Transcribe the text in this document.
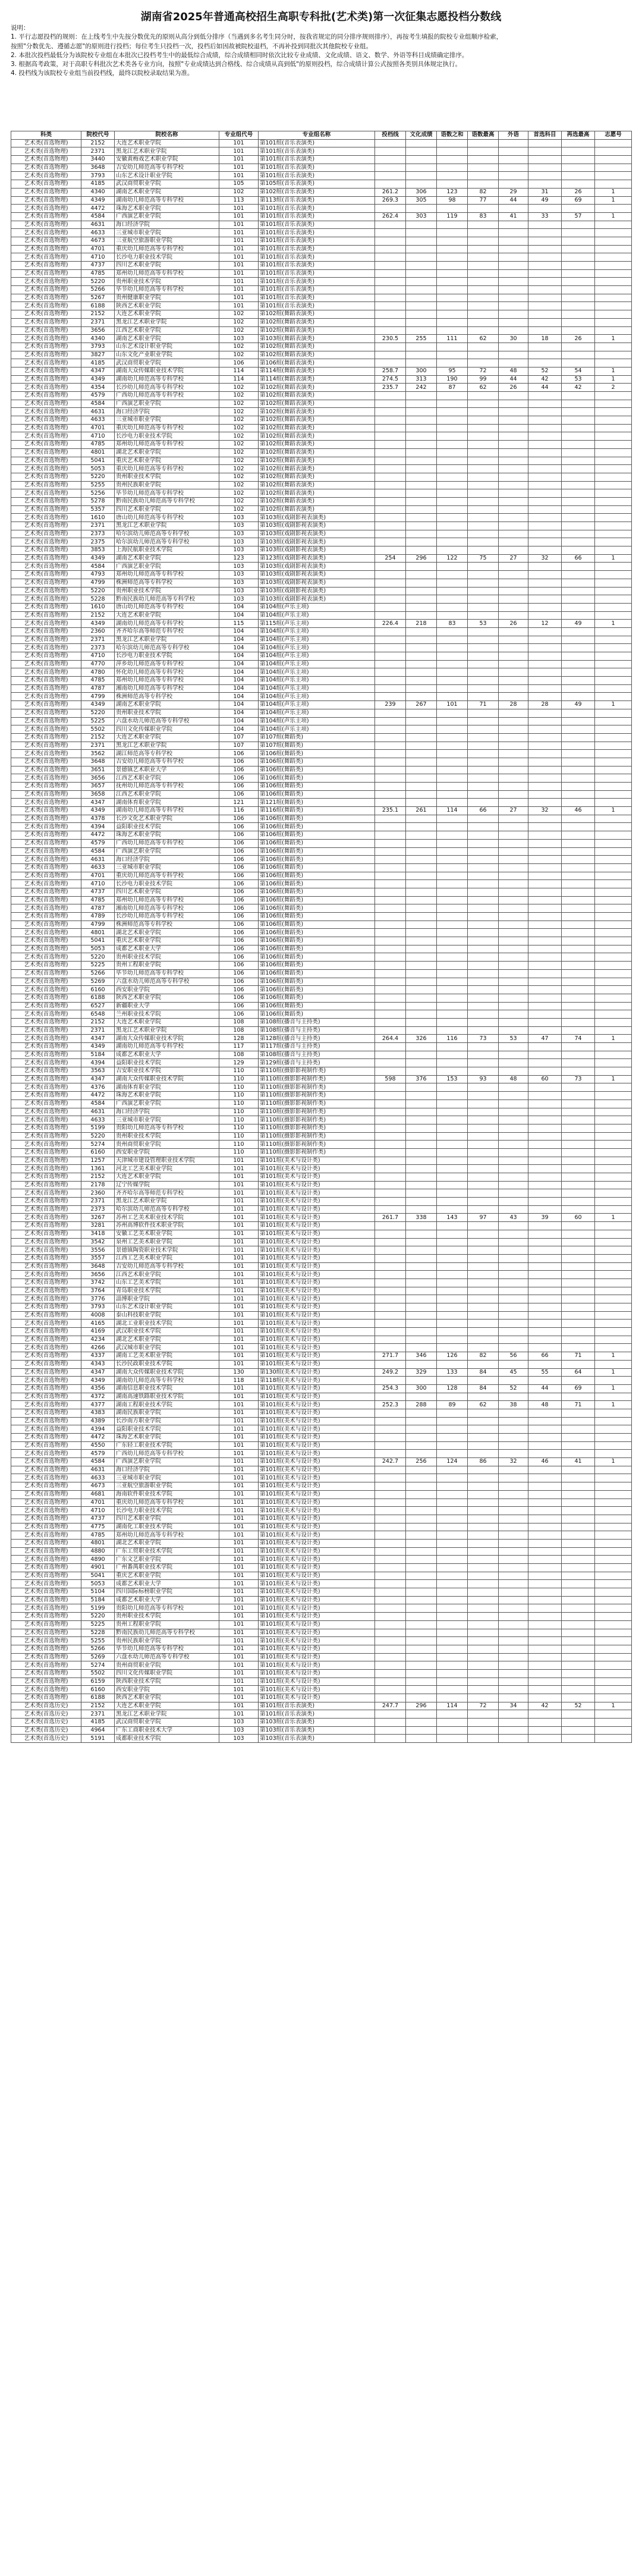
湖南省2025年普通高校招生高职专科批(艺术类)第一次征集志愿投档分数线

说明：

1. 平行志愿投档的规则：在上线考生中先按分数优先的原则从高分到低分排序（当遇到多名考生同分时，按我省规定的同分排序规则排序），再按考生填报的院校专业组顺序检索，

按照"分数优先、遵循志愿"的原则进行投档；每位考生只投档一次，投档后如因故被院校退档，不再补投到同批次其他院校专业组。

2. 本批次投档最低分为该院校专业组在本批次已投档考生中的最低综合成绩，综合成绩相同时依次比较专业成绩、文化成绩、语文、数学、外语等科目成绩确定排序。

3. 根据高考政策，对于高职专科批次艺术类各专业方向，按照"专业成绩达到合格线、综合成绩从高到低"的原则投档，综合成绩计算公式按照各类别具体规定执行。

4. 投档线为该院校专业组当前投档线，最终以院校录取结果为准。

科类	院校代号	院校名称	专业组代号	专业组名称	投档线	文化成绩	语数之和	语数最高	外语	首选科目	再选最高	志愿号
艺术类(首选物理)	2152	大连艺术职业学院	101	第101组(音乐表演类)								
艺术类(首选物理)	2371	黑龙江艺术职业学院	101	第101组(音乐表演类)								
艺术类(首选物理)	3440	安徽黄梅戏艺术职业学院	101	第101组(音乐表演类)								
艺术类(首选物理)	3648	吉安幼儿师范高等专科学校	101	第101组(音乐表演类)								
艺术类(首选物理)	3793	山东艺术设计职业学院	101	第101组(音乐表演类)								
艺术类(首选物理)	4185	武汉商贸职业学院	105	第105组(音乐表演类)								
艺术类(首选物理)	4340	湖南艺术职业学院	102	第102组(音乐表演类)	261.2	306	123	82	29	31	26	1
艺术类(首选物理)	4349	湖南幼儿师范高等专科学校	113	第113组(音乐表演类)	269.3	305	98	77	44	49	69	1
艺术类(首选物理)	4472	珠海艺术职业学院	101	第101组(音乐表演类)								
艺术类(首选物理)	4584	广西演艺职业学院	101	第101组(音乐表演类)	262.4	303	119	83	41	33	57	1
艺术类(首选物理)	4631	海口经济学院	101	第101组(音乐表演类)								
艺术类(首选物理)	4633	三亚城市职业学院	101	第101组(音乐表演类)								
艺术类(首选物理)	4673	三亚航空旅游职业学院	101	第101组(音乐表演类)								
艺术类(首选物理)	4701	重庆幼儿师范高等专科学校	101	第101组(音乐表演类)								
艺术类(首选物理)	4710	长沙电力职业技术学院	101	第101组(音乐表演类)								
艺术类(首选物理)	4737	四川艺术职业学院	101	第101组(音乐表演类)								
艺术类(首选物理)	4785	郑州幼儿师范高等专科学校	101	第101组(音乐表演类)								
艺术类(首选物理)	5220	贵州职业技术学院	101	第101组(音乐表演类)								
艺术类(首选物理)	5266	毕节幼儿师范高等专科学校	101	第101组(音乐表演类)								
艺术类(首选物理)	5267	贵州健康职业学院	101	第101组(音乐表演类)								
艺术类(首选物理)	6188	陕西艺术职业学院	101	第101组(音乐表演类)								
艺术类(首选物理)	2152	大连艺术职业学院	102	第102组(舞蹈表演类)								
艺术类(首选物理)	2371	黑龙江艺术职业学院	102	第102组(舞蹈表演类)								
艺术类(首选物理)	3656	江西艺术职业学院	102	第102组(舞蹈表演类)								
艺术类(首选物理)	4340	湖南艺术职业学院	103	第103组(舞蹈表演类)	230.5	255	111	62	30	18	26	1
艺术类(首选物理)	3793	山东艺术设计职业学院	102	第102组(舞蹈表演类)								
艺术类(首选物理)	3827	山东文化产业职业学院	102	第102组(舞蹈表演类)								
艺术类(首选物理)	4185	武汉商贸职业学院	106	第106组(舞蹈表演类)								
艺术类(首选物理)	4347	湖南大众传媒职业技术学院	114	第114组(舞蹈表演类)	258.7	300	95	72	48	52	54	1
艺术类(首选物理)	4349	湖南幼儿师范高等专科学校	114	第114组(舞蹈表演类)	274.5	313	190	99	44	42	53	1
艺术类(首选物理)	4354	长沙幼儿师范高等专科学校	102	第102组(舞蹈表演类)	235.7	242	87	62	26	44	42	2
艺术类(首选物理)	4579	广西幼儿师范高等专科学校	102	第102组(舞蹈表演类)								
艺术类(首选物理)	4584	广西演艺职业学院	102	第102组(舞蹈表演类)								
艺术类(首选物理)	4631	海口经济学院	102	第102组(舞蹈表演类)								
艺术类(首选物理)	4633	三亚城市职业学院	102	第102组(舞蹈表演类)								
艺术类(首选物理)	4701	重庆幼儿师范高等专科学校	102	第102组(舞蹈表演类)								
艺术类(首选物理)	4710	长沙电力职业技术学院	102	第102组(舞蹈表演类)								
艺术类(首选物理)	4785	郑州幼儿师范高等专科学校	102	第102组(舞蹈表演类)								
艺术类(首选物理)	4801	湖北艺术职业学院	102	第102组(舞蹈表演类)								
艺术类(首选物理)	5041	重庆艺术职业学院	102	第102组(舞蹈表演类)								
艺术类(首选物理)	5053	重庆幼儿师范高等专科学校	102	第102组(舞蹈表演类)								
艺术类(首选物理)	5220	贵州职业技术学院	102	第102组(舞蹈表演类)								
艺术类(首选物理)	5255	贵州民族职业学院	102	第102组(舞蹈表演类)								
艺术类(首选物理)	5256	毕节幼儿师范高等专科学校	102	第102组(舞蹈表演类)								
艺术类(首选物理)	5278	黔南民族幼儿师范高等专科学校	102	第102组(舞蹈表演类)								
艺术类(首选物理)	5357	四川艺术职业学院	102	第102组(舞蹈表演类)								
艺术类(首选物理)	1610	唐山幼儿师范高等专科学校	103	第103组(戏剧影视表演类)								
艺术类(首选物理)	2371	黑龙江艺术职业学院	103	第103组(戏剧影视表演类)								
艺术类(首选物理)	2373	哈尔滨幼儿师范高等专科学校	103	第103组(戏剧影视表演类)								
艺术类(首选物理)	2375	哈尔滨幼儿师范高等专科学校	103	第103组(戏剧影视表演类)								
艺术类(首选物理)	3853	上海民航职业技术学院	103	第103组(戏剧影视表演类)								
艺术类(首选物理)	4349	湖南艺术职业学院	123	第123组(戏剧影视表演类)	254	296	122	75	27	32	66	1
艺术类(首选物理)	4584	广西演艺职业学院	103	第103组(戏剧影视表演类)								
艺术类(首选物理)	4793	郑州幼儿师范高等专科学校	103	第103组(戏剧影视表演类)								
艺术类(首选物理)	4799	株洲师范高等专科学校	103	第103组(戏剧影视表演类)								
艺术类(首选物理)	5220	贵州职业技术学院	103	第103组(戏剧影视表演类)								
艺术类(首选物理)	5228	黔南民族幼儿师范高等专科学校	103	第103组(戏剧影视表演类)								
艺术类(首选物理)	1610	唐山幼儿师范高等专科学校	104	第104组(声乐主项)								
艺术类(首选物理)	2152	大连艺术职业学院	104	第104组(声乐主项)								
艺术类(首选物理)	4349	湖南幼儿师范高等专科学校	115	第115组(声乐主项)	226.4	218	83	53	26	12	49	1
艺术类(首选物理)	2360	齐齐哈尔高等师范专科学校	104	第104组(声乐主项)								
艺术类(首选物理)	2371	黑龙江艺术职业学院	104	第104组(声乐主项)								
艺术类(首选物理)	2373	哈尔滨幼儿师范高等专科学校	104	第104组(声乐主项)								
艺术类(首选物理)	4710	长沙电力职业技术学院	104	第104组(声乐主项)								
艺术类(首选物理)	4770	萍乡幼儿师范高等专科学校	104	第104组(声乐主项)								
艺术类(首选物理)	4780	怀化幼儿师范高等专科学校	104	第104组(声乐主项)								
艺术类(首选物理)	4785	郑州幼儿师范高等专科学校	104	第104组(声乐主项)								
艺术类(首选物理)	4787	湘南幼儿师范高等专科学校	104	第104组(声乐主项)								
艺术类(首选物理)	4799	株洲师范高等专科学校	104	第104组(声乐主项)								
艺术类(首选物理)	4349	湖南艺术职业学院	104	第104组(声乐主项)	239	267	101	71	28	28	49	1
艺术类(首选物理)	5220	贵州职业技术学院	104	第104组(声乐主项)								
艺术类(首选物理)	5225	六盘水幼儿师范高等专科学校	104	第104组(声乐主项)								
艺术类(首选物理)	5502	四川文化传媒职业学院	104	第104组(声乐主项)								
艺术类(首选物理)	2152	大连艺术职业学院	107	第107组(舞蹈类)								
艺术类(首选物理)	2371	黑龙江艺术职业学院	107	第107组(舞蹈类)								
艺术类(首选物理)	3562	湖江师范高等专科学校	106	第106组(舞蹈类)								
艺术类(首选物理)	3648	吉安幼儿师范高等专科学校	106	第106组(舞蹈类)								
艺术类(首选物理)	3651	景德镇艺术职业大学	106	第106组(舞蹈类)								
艺术类(首选物理)	3656	江西艺术职业学院	106	第106组(舞蹈类)								
艺术类(首选物理)	3657	抚州幼儿师范高等专科学校	106	第106组(舞蹈类)								
艺术类(首选物理)	3658	江西艺术职业学院	106	第106组(舞蹈类)								
艺术类(首选物理)	4347	湖南体育职业学院	121	第121组(舞蹈类)								
艺术类(首选物理)	4349	湖南幼儿师范高等专科学校	116	第116组(舞蹈类)	235.1	261	114	66	27	32	46	1
艺术类(首选物理)	4378	长沙文化艺术职业学院	106	第106组(舞蹈类)								
艺术类(首选物理)	4394	益阳职业技术学院	106	第106组(舞蹈类)								
艺术类(首选物理)	4472	珠海艺术职业学院	106	第106组(舞蹈类)								
艺术类(首选物理)	4579	广西幼儿师范高等专科学校	106	第106组(舞蹈类)								
艺术类(首选物理)	4584	广西演艺职业学院	106	第106组(舞蹈类)								
艺术类(首选物理)	4631	海口经济学院	106	第106组(舞蹈类)								
艺术类(首选物理)	4633	三亚城市职业学院	106	第106组(舞蹈类)								
艺术类(首选物理)	4701	重庆幼儿师范高等专科学校	106	第106组(舞蹈类)								
艺术类(首选物理)	4710	长沙电力职业技术学院	106	第106组(舞蹈类)								
艺术类(首选物理)	4737	四川艺术职业学院	106	第106组(舞蹈类)								
艺术类(首选物理)	4785	郑州幼儿师范高等专科学校	106	第106组(舞蹈类)								
艺术类(首选物理)	4787	湘南幼儿师范高等专科学校	106	第106组(舞蹈类)								
艺术类(首选物理)	4789	长沙幼儿师范高等专科学校	106	第106组(舞蹈类)								
艺术类(首选物理)	4799	株洲师范高等专科学校	106	第106组(舞蹈类)								
艺术类(首选物理)	4801	湖北艺术职业学院	106	第106组(舞蹈类)								
艺术类(首选物理)	5041	重庆艺术职业学院	106	第106组(舞蹈类)								
艺术类(首选物理)	5053	成都艺术职业大学	106	第106组(舞蹈类)								
艺术类(首选物理)	5220	贵州职业技术学院	106	第106组(舞蹈类)								
艺术类(首选物理)	5225	贵州工程职业学院	106	第106组(舞蹈类)								
艺术类(首选物理)	5266	毕节幼儿师范高等专科学校	106	第106组(舞蹈类)								
艺术类(首选物理)	5269	六盘水幼儿师范高等专科学校	106	第106组(舞蹈类)								
艺术类(首选物理)	6160	西安职业学院	106	第106组(舞蹈类)								
艺术类(首选物理)	6188	陕西艺术职业学院	106	第106组(舞蹈类)								
艺术类(首选物理)	6527	新疆职业大学	106	第106组(舞蹈类)								
艺术类(首选物理)	6548	兰州职业技术学院	106	第106组(舞蹈类)								
艺术类(首选物理)	2152	大连艺术职业学院	108	第108组(播音与主持类)								
艺术类(首选物理)	2371	黑龙江艺术职业学院	108	第108组(播音与主持类)								
艺术类(首选物理)	4347	湖南大众传媒职业技术学院	128	第128组(播音与主持类)	264.4	326	116	73	53	47	74	1
艺术类(首选物理)	4349	湖南幼儿师范高等专科学校	117	第117组(播音与主持类)								
艺术类(首选物理)	5184	成都艺术职业大学	108	第108组(播音与主持类)								
艺术类(首选物理)	4394	益阳职业技术学院	129	第129组(播音与主持类)								
艺术类(首选物理)	3563	吉安职业技术学院	110	第110组(摄影影视制作类)								
艺术类(首选物理)	4347	湖南大众传媒职业技术学院	110	第110组(摄影影视制作类)	598	376	153	93	48	60	73	1
艺术类(首选物理)	4376	湖南体育职业学院	110	第110组(摄影影视制作类)								
艺术类(首选物理)	4472	珠海艺术职业学院	110	第110组(摄影影视制作类)								
艺术类(首选物理)	4584	广西演艺职业学院	110	第110组(摄影影视制作类)								
艺术类(首选物理)	4631	海口经济学院	110	第110组(摄影影视制作类)								
艺术类(首选物理)	4633	三亚城市职业学院	110	第110组(摄影影视制作类)								
艺术类(首选物理)	5199	贵阳幼儿师范高等专科学校	110	第110组(摄影影视制作类)								
艺术类(首选物理)	5220	贵州职业技术学院	110	第110组(摄影影视制作类)								
艺术类(首选物理)	5274	贵州商贸职业学院	110	第110组(摄影影视制作类)								
艺术类(首选物理)	6160	西安职业学院	110	第110组(摄影影视制作类)								
艺术类(首选物理)	1257	天津城市建设管理职业技术学院	101	第101组(美术与设计类)								
艺术类(首选物理)	1361	河北工艺美术职业学院	101	第101组(美术与设计类)								
艺术类(首选物理)	2152	大连艺术职业学院	101	第101组(美术与设计类)								
艺术类(首选物理)	2178	辽宁传媒学院	101	第101组(美术与设计类)								
艺术类(首选物理)	2360	齐齐哈尔高等师范专科学校	101	第101组(美术与设计类)								
艺术类(首选物理)	2371	黑龙江艺术职业学院	101	第101组(美术与设计类)								
艺术类(首选物理)	2373	哈尔滨幼儿师范高等专科学校	101	第101组(美术与设计类)								
艺术类(首选物理)	3267	苏州工艺美术职业技术学院	101	第101组(美术与设计类)	261.7	338	143	97	43	39	60	1
艺术类(首选物理)	3281	苏州高博软件技术职业学院	101	第101组(美术与设计类)								
艺术类(首选物理)	3418	安徽工艺美术职业学院	101	第101组(美术与设计类)								
艺术类(首选物理)	3542	泉州工艺美术职业学院	101	第101组(美术与设计类)								
艺术类(首选物理)	3556	景德镇陶瓷职业技术学院	101	第101组(美术与设计类)								
艺术类(首选物理)	3557	江西工艺美术职业学院	101	第101组(美术与设计类)								
艺术类(首选物理)	3648	吉安幼儿师范高等专科学校	101	第101组(美术与设计类)								
艺术类(首选物理)	3656	江西艺术职业学院	101	第101组(美术与设计类)								
艺术类(首选物理)	3742	山东工艺美术学院	101	第101组(美术与设计类)								
艺术类(首选物理)	3764	青岛职业技术学院	101	第101组(美术与设计类)								
艺术类(首选物理)	3776	淄博职业学院	101	第101组(美术与设计类)								
艺术类(首选物理)	3793	山东艺术设计职业学院	101	第101组(美术与设计类)								
艺术类(首选物理)	4008	泰山科技职业学院	101	第101组(美术与设计类)								
艺术类(首选物理)	4165	湖北工业职业技术学院	101	第101组(美术与设计类)								
艺术类(首选物理)	4169	武汉职业技术学院	101	第101组(美术与设计类)								
艺术类(首选物理)	4234	湖北艺术职业学院	101	第101组(美术与设计类)								
艺术类(首选物理)	4266	武汉城市职业学院	101	第101组(美术与设计类)								
艺术类(首选物理)	4337	湖南工艺美术职业学院	101	第101组(美术与设计类)	271.7	346	126	82	56	66	71	1
艺术类(首选物理)	4343	长沙民政职业技术学院	101	第101组(美术与设计类)								
艺术类(首选物理)	4347	湖南大众传媒职业技术学院	130	第130组(美术与设计类)	249.2	329	133	84	45	55	64	1
艺术类(首选物理)	4349	湖南幼儿师范高等专科学校	118	第118组(美术与设计类)								
艺术类(首选物理)	4356	湖南信息职业技术学院	101	第101组(美术与设计类)	254.3	300	128	84	52	44	69	1
艺术类(首选物理)	4372	湖南高速铁路职业技术学院	101	第101组(美术与设计类)								
艺术类(首选物理)	4377	湖南工程职业技术学院	101	第101组(美术与设计类)	252.3	288	89	62	38	48	71	1
艺术类(首选物理)	4383	湖南民族职业学院	101	第101组(美术与设计类)								
艺术类(首选物理)	4389	长沙南方职业学院	101	第101组(美术与设计类)								
艺术类(首选物理)	4394	益阳职业技术学院	101	第101组(美术与设计类)								
艺术类(首选物理)	4472	珠海艺术职业学院	101	第101组(美术与设计类)								
艺术类(首选物理)	4550	广东轻工职业技术学院	101	第101组(美术与设计类)								
艺术类(首选物理)	4579	广西幼儿师范高等专科学校	101	第101组(美术与设计类)								
艺术类(首选物理)	4584	广西演艺职业学院	101	第101组(美术与设计类)	242.7	256	124	86	32	46	41	1
艺术类(首选物理)	4631	海口经济学院	101	第101组(美术与设计类)								
艺术类(首选物理)	4633	三亚城市职业学院	101	第101组(美术与设计类)								
艺术类(首选物理)	4673	三亚航空旅游职业学院	101	第101组(美术与设计类)								
艺术类(首选物理)	4681	海南软件职业技术学院	101	第101组(美术与设计类)								
艺术类(首选物理)	4701	重庆幼儿师范高等专科学校	101	第101组(美术与设计类)								
艺术类(首选物理)	4710	长沙电力职业技术学院	101	第101组(美术与设计类)								
艺术类(首选物理)	4737	四川艺术职业学院	101	第101组(美术与设计类)								
艺术类(首选物理)	4775	湖南化工职业技术学院	101	第101组(美术与设计类)								
艺术类(首选物理)	4785	郑州幼儿师范高等专科学校	101	第101组(美术与设计类)								
艺术类(首选物理)	4801	湖北艺术职业学院	101	第101组(美术与设计类)								
艺术类(首选物理)	4880	广东工贸职业技术学院	101	第101组(美术与设计类)								
艺术类(首选物理)	4890	广东文艺职业学院	101	第101组(美术与设计类)								
艺术类(首选物理)	4901	广州番禺职业技术学院	101	第101组(美术与设计类)								
艺术类(首选物理)	5041	重庆艺术职业学院	101	第101组(美术与设计类)								
艺术类(首选物理)	5053	成都艺术职业大学	101	第101组(美术与设计类)								
艺术类(首选物理)	5104	四川国际标榜职业学院	101	第101组(美术与设计类)								
艺术类(首选物理)	5184	成都艺术职业大学	101	第101组(美术与设计类)								
艺术类(首选物理)	5199	贵阳幼儿师范高等专科学校	101	第101组(美术与设计类)								
艺术类(首选物理)	5220	贵州职业技术学院	101	第101组(美术与设计类)								
艺术类(首选物理)	5225	贵州工程职业学院	101	第101组(美术与设计类)								
艺术类(首选物理)	5228	黔南民族幼儿师范高等专科学校	101	第101组(美术与设计类)								
艺术类(首选物理)	5255	贵州民族职业学院	101	第101组(美术与设计类)								
艺术类(首选物理)	5266	毕节幼儿师范高等专科学校	101	第101组(美术与设计类)								
艺术类(首选物理)	5269	六盘水幼儿师范高等专科学校	101	第101组(美术与设计类)								
艺术类(首选物理)	5274	贵州商贸职业学院	101	第101组(美术与设计类)								
艺术类(首选物理)	5502	四川文化传媒职业学院	101	第101组(美术与设计类)								
艺术类(首选物理)	6159	陕西职业技术学院	101	第101组(美术与设计类)								
艺术类(首选物理)	6160	西安职业学院	101	第101组(美术与设计类)								
艺术类(首选物理)	6188	陕西艺术职业学院	101	第101组(美术与设计类)								
艺术类(首选历史)	2152	大连艺术职业学院	101	第101组(音乐表演类)	247.7	296	114	72	34	42	52	1
艺术类(首选历史)	2371	黑龙江艺术职业学院	101	第101组(音乐表演类)								
艺术类(首选历史)	4185	武汉商贸职业学院	103	第103组(音乐表演类)								
艺术类(首选历史)	4964	广东工商职业技术大学	103	第103组(音乐表演类)								
艺术类(首选历史)	5191	成都职业技术学院	103	第103组(音乐表演类)								
